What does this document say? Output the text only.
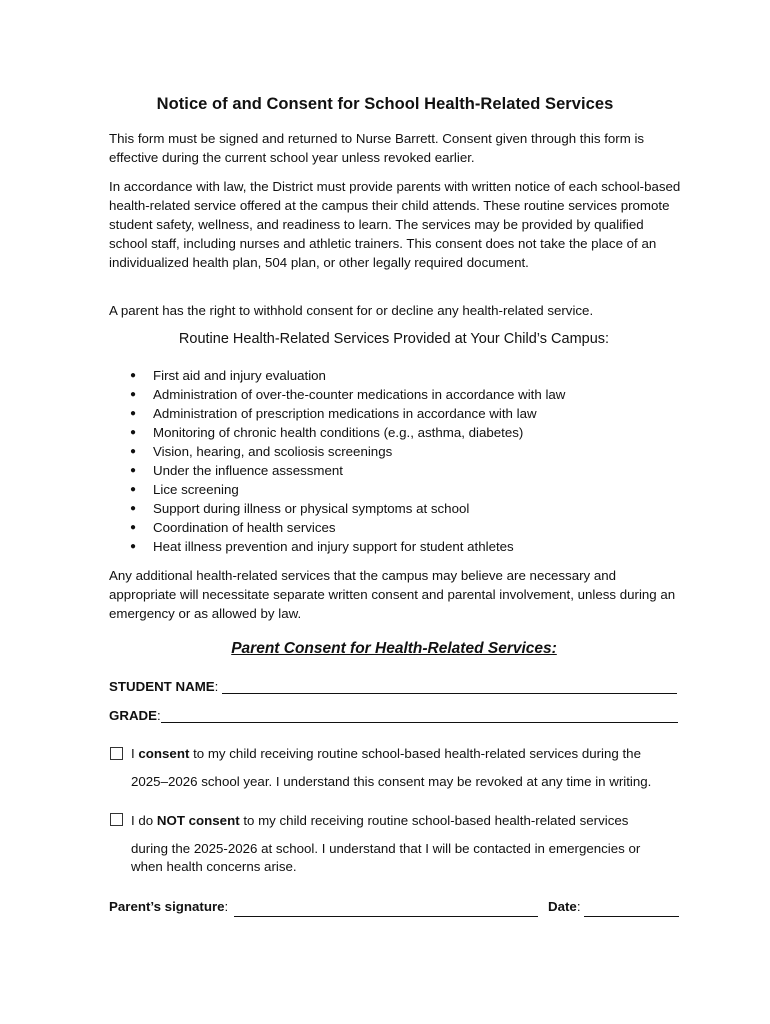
Notice of and Consent for School Health-Related Services

This form must be signed and returned to Nurse Barrett. Consent given through this form is effective during the current school year unless revoked earlier.

In accordance with law, the District must provide parents with written notice of each school-based health-related service offered at the campus their child attends. These routine services promote student safety, wellness, and readiness to learn. The services may be provided by qualified school staff, including nurses and athletic trainers. This consent does not take the place of an individualized health plan, 504 plan, or other legally required document.

A parent has the right to withhold consent for or decline any health-related service.

Routine Health-Related Services Provided at Your Child’s Campus:
● First aid and injury evaluation
● Administration of over-the-counter medications in accordance with law
● Administration of prescription medications in accordance with law
● Monitoring of chronic health conditions (e.g., asthma, diabetes)
● Vision, hearing, and scoliosis screenings
● Under the influence assessment
● Lice screening
● Support during illness or physical symptoms at school
● Coordination of health services
● Heat illness prevention and injury support for student athletes

Any additional health-related services that the campus may believe are necessary and appropriate will necessitate separate written consent and parental involvement, unless during an emergency or as allowed by law.

Parent Consent for Health-Related Services:
STUDENT NAME:
GRADE:
I consent to my child receiving routine school-based health-related services during the
2025–2026 school year. I understand this consent may be revoked at any time in writing.
I do NOT consent to my child receiving routine school-based health-related services
during the 2025-2026 at school. I understand that I will be contacted in emergencies or
when health concerns arise.
Parent’s signature:	Date:
